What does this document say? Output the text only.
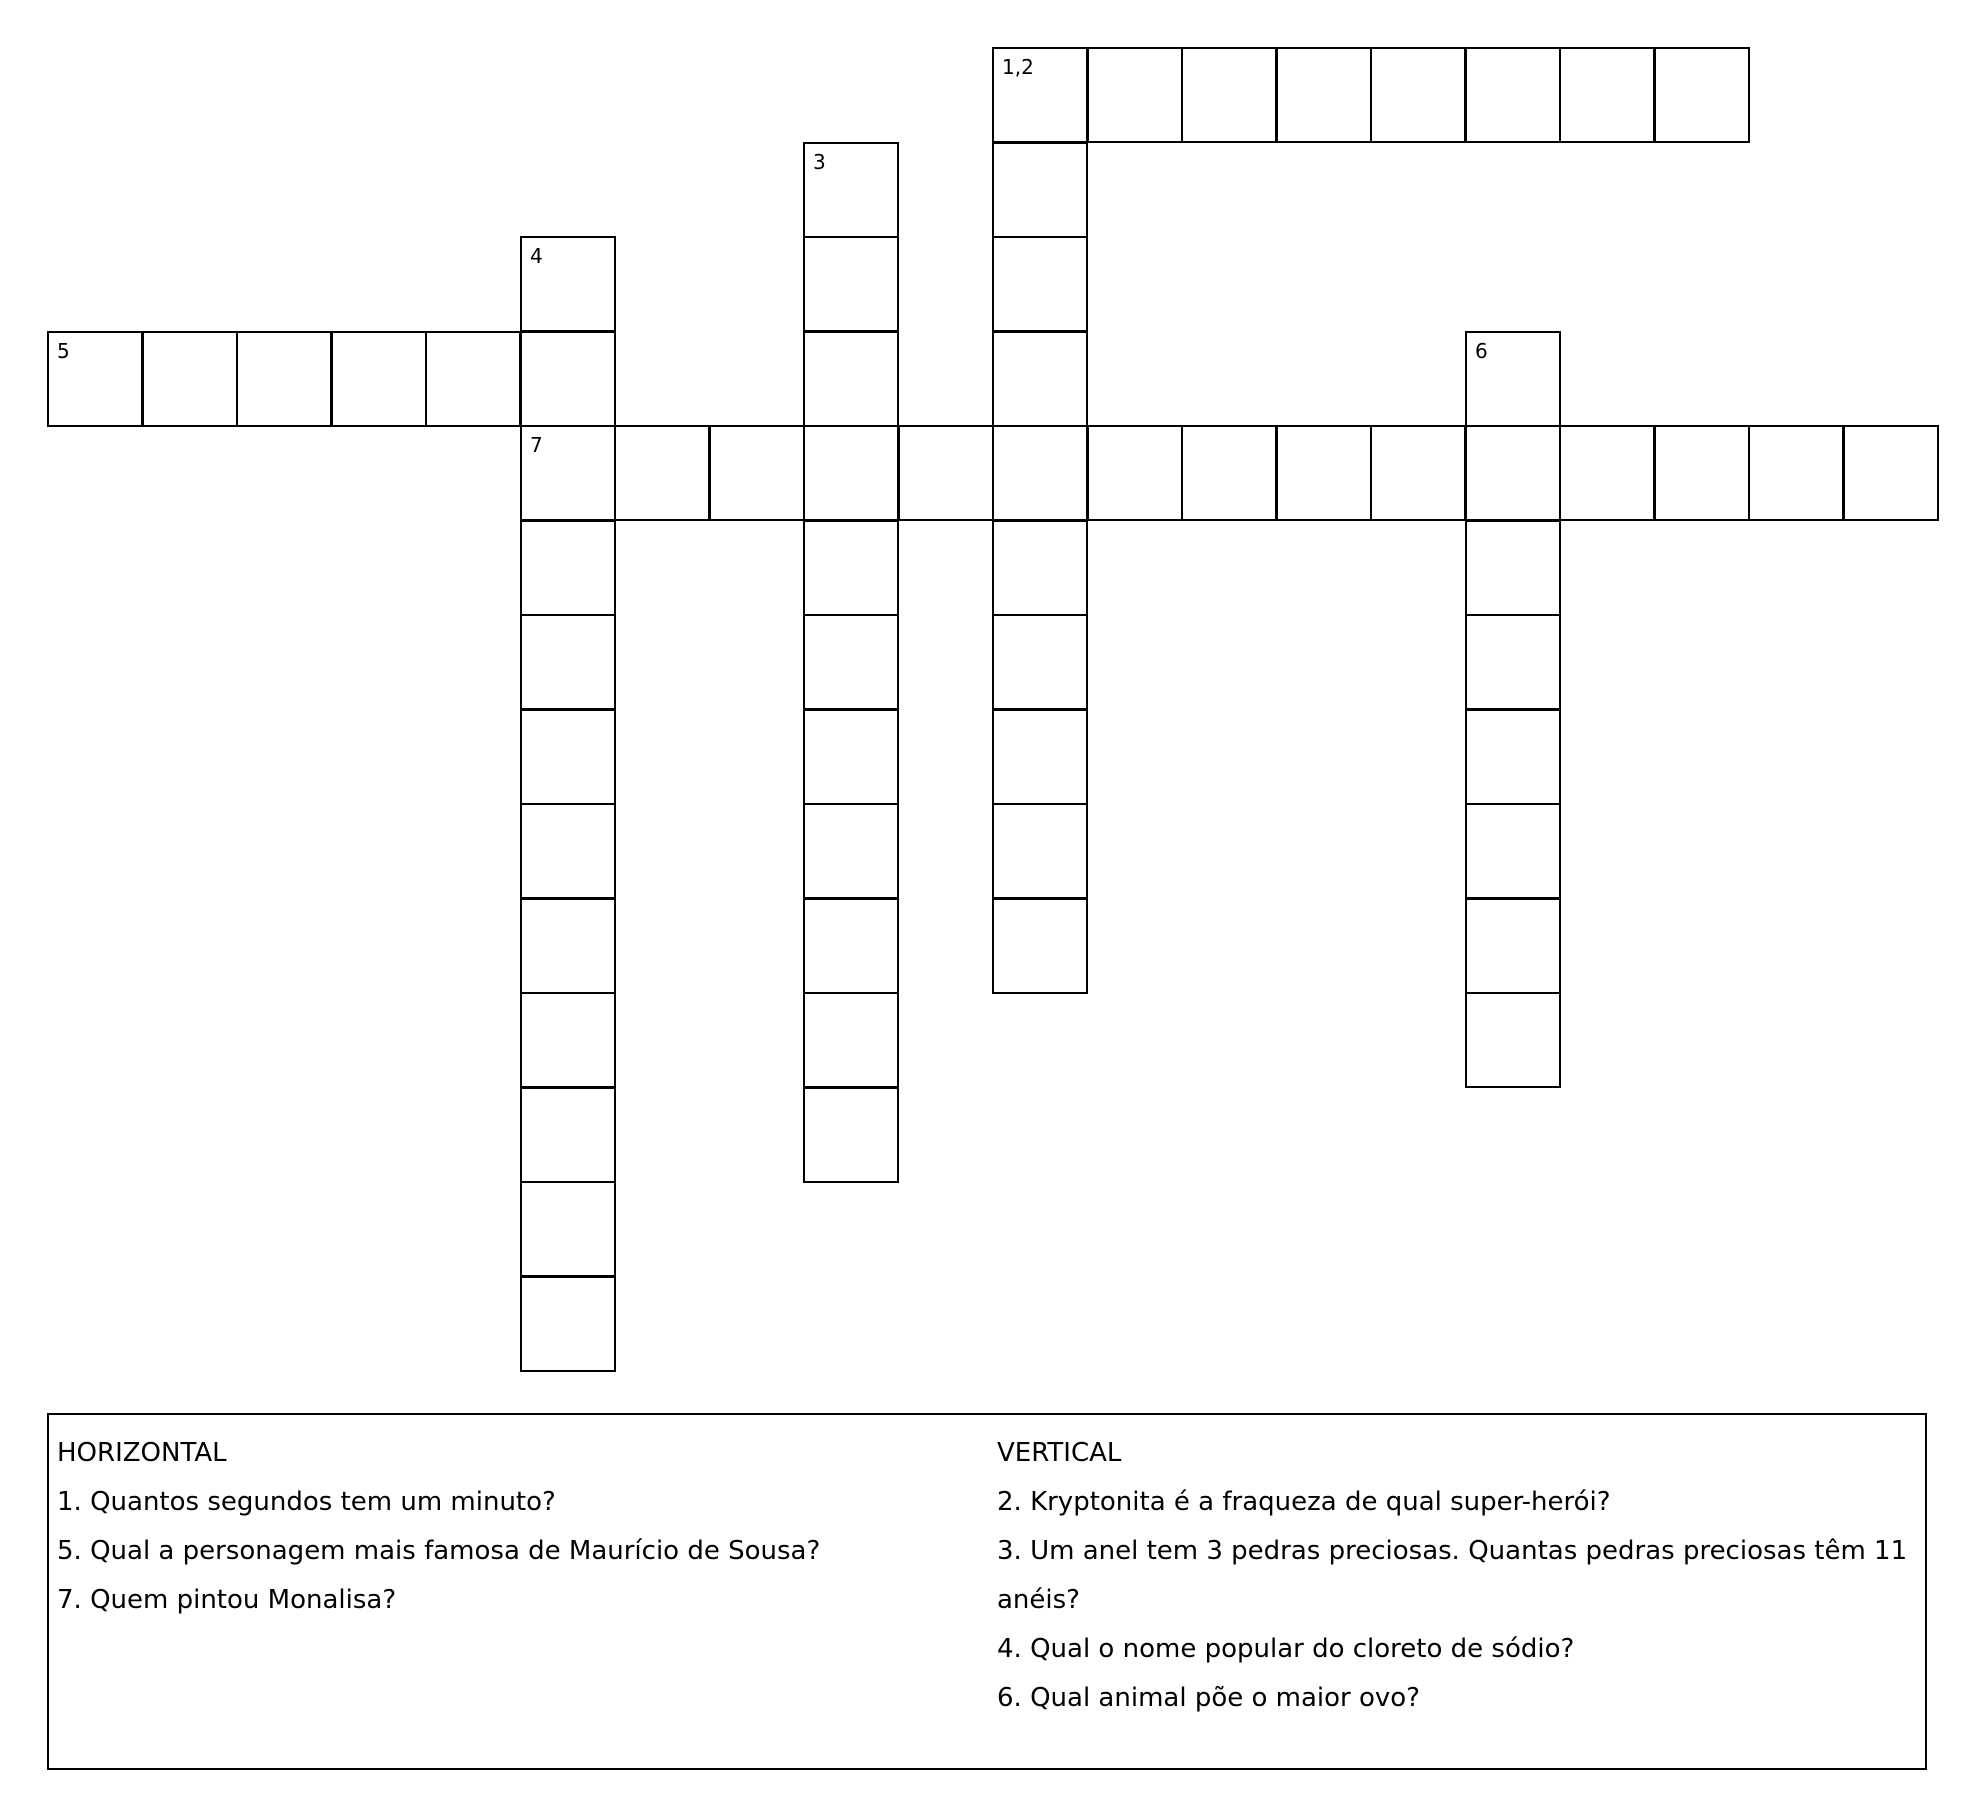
1,2
3
4
5	6
7
HORIZONTAL
1. Quantos segundos tem um minuto?
5. Qual a personagem mais famosa de Maurício de Sousa?
7. Quem pintou Monalisa?
VERTICAL
2. Kryptonita é a fraqueza de qual super-herói?
3. Um anel tem 3 pedras preciosas. Quantas pedras preciosas têm 11 anéis?
4. Qual o nome popular do cloreto de sódio?
6. Qual animal põe o maior ovo?
